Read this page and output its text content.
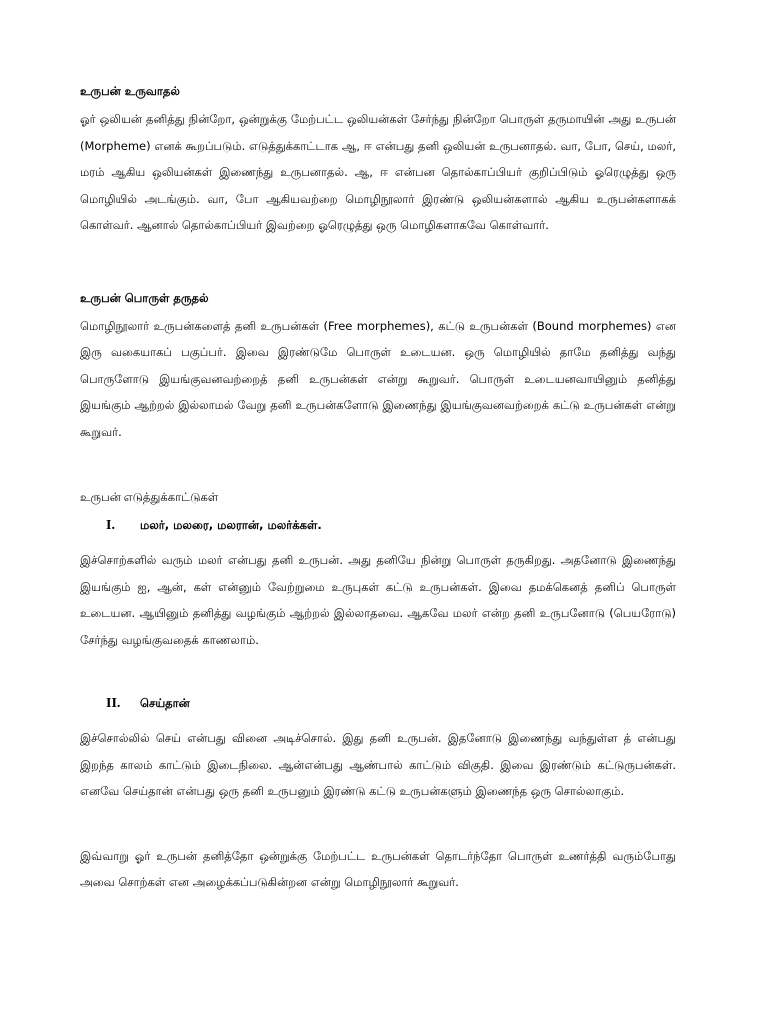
உருபன் உருவாதல்

ஓர் ஒலியன் தனித்து நின்றோ, ஒன்றுக்கு மேற்பட்ட ஒலியன்கள் சேர்ந்து நின்றோ பொருள் தருமாயின் அது உருபன் (Morpheme) எனக் கூறப்படும். எடுத்துக்காட்டாக ஆ, ஈ என்பது தனி ஒலியன் உருபனாதல். வா, போ, செய், மலர், மரம் ஆகிய ஒலியன்கள் இணைந்து உருபனாதல். ஆ, ஈ என்பன தொல்காப்பியர் குறிப்பிடும் ஓரெழுத்து ஒரு மொழியில் அடங்கும். வா, போ ஆகியவற்றை மொழிநூலார் இரண்டு ஒலியன்களால் ஆகிய உருபன்களாகக் கொள்வர். ஆனால் தொல்காப்பியர் இவற்றை ஓரெழுத்து ஒரு மொழிகளாகவே கொள்வார்.

உருபன் பொருள் தருதல்

மொழிநூலார் உருபன்களைத் தனி உருபன்கள் (Free morphemes), கட்டு உருபன்கள் (Bound morphemes) என இரு வகையாகப் பகுப்பர். இவை இரண்டுமே பொருள் உடையன. ஒரு மொழியில் தாமே தனித்து வந்து பொருளோடு இயங்குவனவற்றைத் தனி உருபன்கள் என்று கூறுவர். பொருள் உடையனவாயினும் தனித்து இயங்கும் ஆற்றல் இல்லாமல் வேறு தனி உருபன்களோடு இணைந்து இயங்குவனவற்றைக் கட்டு உருபன்கள் என்று கூறுவர்.

உருபன் எடுத்துக்காட்டுகள்

I.	மலர், மலரை, மலரான், மலர்க்கள்.

இச்சொற்களில் வரும் மலர் என்பது தனி உருபன். அது தனியே நின்று பொருள் தருகிறது. அதனோடு இணைந்து இயங்கும் ஐ, ஆன், கள் என்னும் வேற்றுமை உருபுகள் கட்டு உருபன்கள். இவை தமக்கெனத் தனிப் பொருள் உடையன. ஆயினும் தனித்து வழங்கும் ஆற்றல் இல்லாதவை. ஆகவே மலர் என்ற தனி உருபனோடு (பெயரோடு) சேர்ந்து வழங்குவதைக் காணலாம்.

II.	செய்தான்

இச்சொல்லில் செய் என்பது வினை அடிச்சொல். இது தனி உருபன். இதனோடு இணைந்து வந்துள்ள த் என்பது இறந்த காலம் காட்டும் இடைநிலை. ஆன்என்பது ஆண்பால் காட்டும் விகுதி. இவை இரண்டும் கட்டுருபன்கள். எனவே செய்தான் என்பது ஒரு தனி உருபனும் இரண்டு கட்டு உருபன்களும் இணைந்த ஒரு சொல்லாகும்.

இவ்வாறு ஓர் உருபன் தனித்தோ ஒன்றுக்கு மேற்பட்ட உருபன்கள் தொடர்ந்தோ பொருள் உணர்த்தி வரும்போது அவை சொற்கள் என அழைக்கப்படுகின்றன என்று மொழிநூலார் கூறுவர்.
